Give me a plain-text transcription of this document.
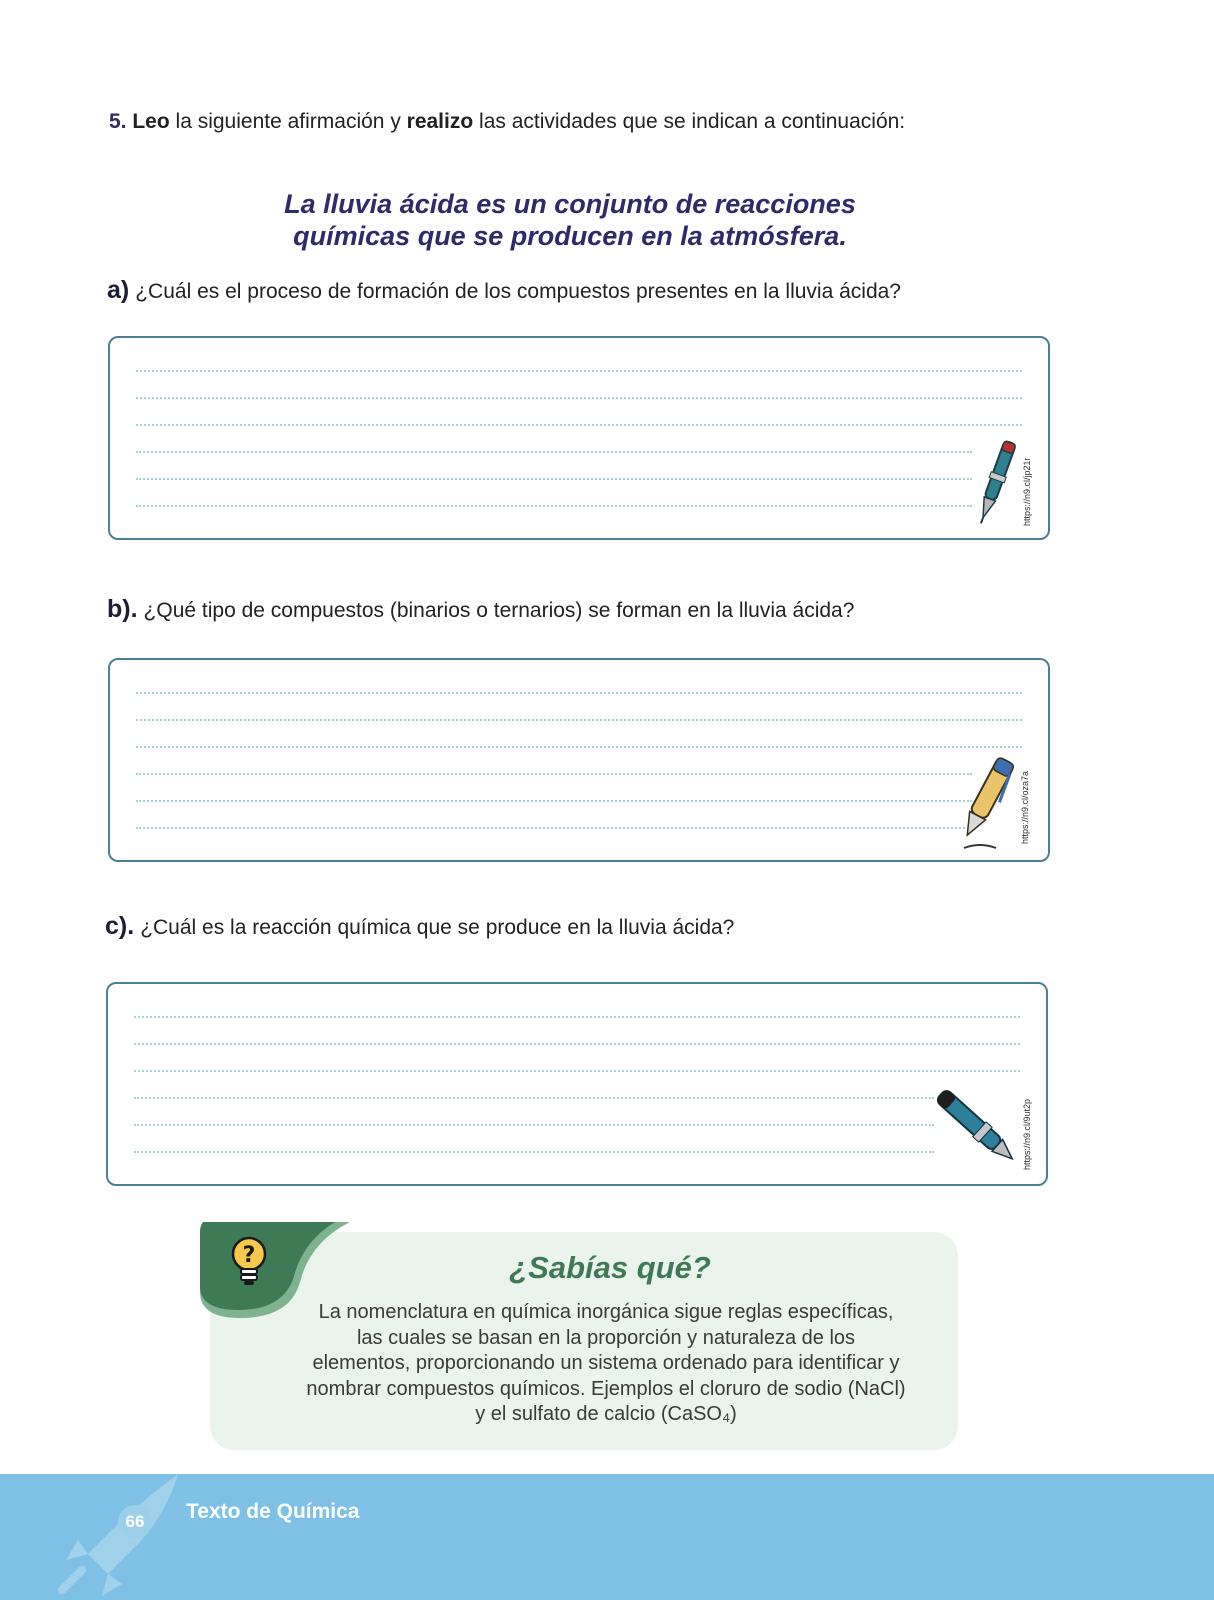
5. Leo la siguiente afirmación y realizo las actividades que se indican a continuación:
La lluvia ácida es un conjunto de reacciones
químicas que se producen en la atmósfera.
a) ¿Cuál es el proceso de formación de los compuestos presentes en la lluvia ácida?
https://n9.cl/jp21r
b). ¿Qué tipo de compuestos (binarios o ternarios) se forman en la lluvia ácida?
https://n9.cl/oza7a
c). ¿Cuál es la reacción química que se produce en la lluvia ácida?
https://n9.cl/9ut2p
?	¿Sabías qué?
La nomenclatura en química inorgánica sigue reglas específicas,
las cuales se basan en la proporción y naturaleza de los
elementos, proporcionando un sistema ordenado para identificar y
nombrar compuestos químicos. Ejemplos el cloruro de sodio (NaCl)
y el sulfato de calcio (CaSO₄)
66	Texto de Química
